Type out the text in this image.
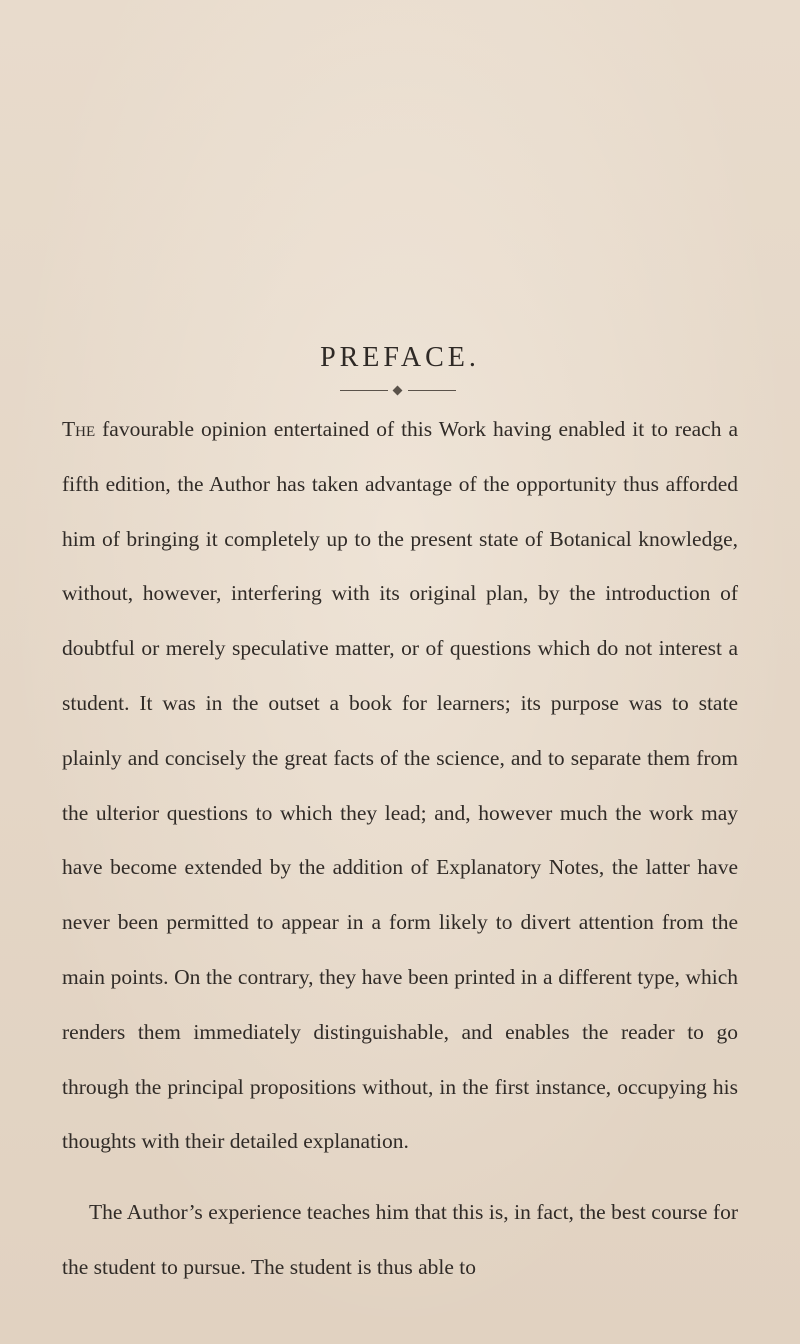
PREFACE.

The favourable opinion entertained of this Work having enabled it to reach a fifth edition, the Author has taken advantage of the opportunity thus afforded him of bringing it completely up to the present state of Botanical knowledge, without, however, interfering with its original plan, by the introduction of doubtful or merely speculative matter, or of questions which do not interest a student. It was in the outset a book for learners; its purpose was to state plainly and concisely the great facts of the science, and to separate them from the ulterior questions to which they lead; and, however much the work may have become extended by the addition of Explanatory Notes, the latter have never been permitted to appear in a form likely to divert attention from the main points. On the contrary, they have been printed in a different type, which renders them immediately distinguishable, and enables the reader to go through the principal propositions without, in the first instance, occupying his thoughts with their detailed explanation.

The Author’s experience teaches him that this is, in fact, the best course for the student to pursue. The student is thus able to
